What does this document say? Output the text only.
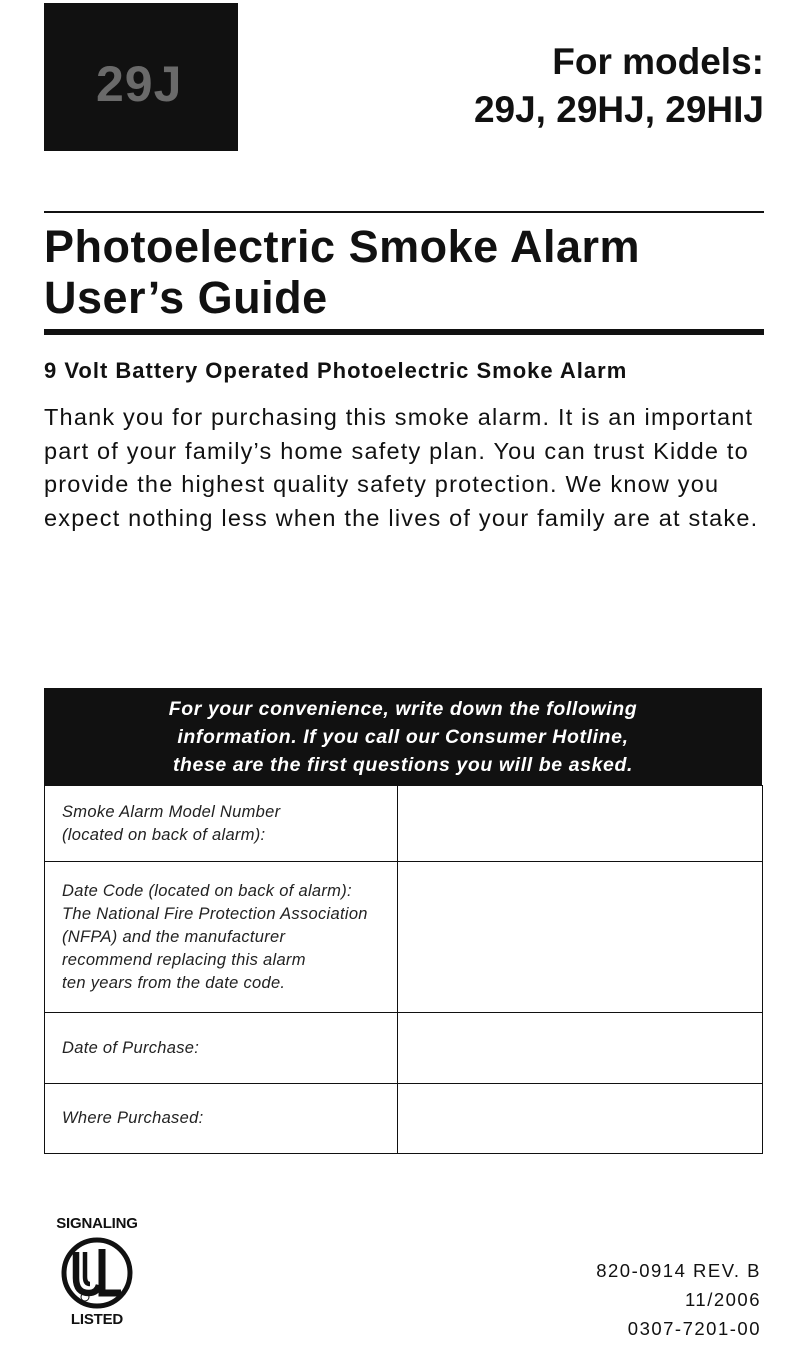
29J	For models:
29J, 29HJ, 29HIJ
Photoelectric Smoke Alarm
User’s Guide
9 Volt Battery Operated Photoelectric Smoke Alarm
Thank you for purchasing this smoke alarm. It is an important part of your family’s home safety plan. You can trust Kidde to provide the highest quality safety protection. We know you expect nothing less when the lives of your family are at stake.
For your convenience, write down the following
information. If you call our Consumer Hotline,
these are the first questions you will be asked.
Smoke Alarm Model Number
(located on back of alarm):	

Date Code (located on back of alarm):
The National Fire Protection Association
(NFPA) and the manufacturer
recommend replacing this alarm
ten years from the date code.	

Date of Purchase:	

Where Purchased:	

SIGNALING
LISTED
820-0914 REV. B
11/2006
0307-7201-00
